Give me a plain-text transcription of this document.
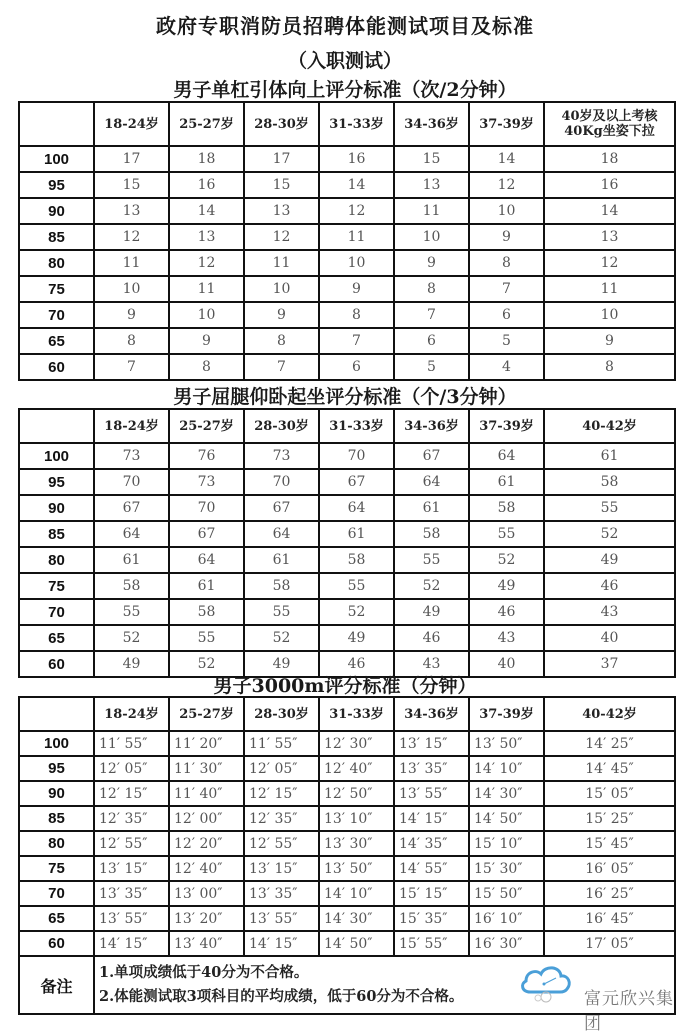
政府专职消防员招聘体能测试项目及标准
（入职测试）
男子单杠引体向上评分标准（次/2分钟）
	18-24岁	25-27岁	28-30岁	31-33岁	34-36岁	37-39岁	40岁及以上考核
40Kg坐姿下拉

100	17	18	17	16	15	14	18
95	15	16	15	14	13	12	16
90	13	14	13	12	11	10	14
85	12	13	12	11	10	9	13
80	11	12	11	10	9	8	12
75	10	11	10	9	8	7	11
70	9	10	9	8	7	6	10
65	8	9	8	7	6	5	9
60	7	8	7	6	5	4	8
男子屈腿仰卧起坐评分标准（个/3分钟）
	18-24岁	25-27岁	28-30岁	31-33岁	34-36岁	37-39岁	40-42岁
100	73	76	73	70	67	64	61
95	70	73	70	67	64	61	58
90	67	70	67	64	61	58	55
85	64	67	64	61	58	55	52
80	61	64	61	58	55	52	49
75	58	61	58	55	52	49	46
70	55	58	55	52	49	46	43
65	52	55	52	49	46	43	40
60	49	52	49	46	43	40	37
男子3000m评分标准（分钟）
	18-24岁	25-27岁	28-30岁	31-33岁	34-36岁	37-39岁	40-42岁
100	11′ 55″	11′ 20″	11′ 55″	12′ 30″	13′ 15″	13′ 50″	14′ 25″
95	12′ 05″	11′ 30″	12′ 05″	12′ 40″	13′ 35″	14′ 10″	14′ 45″
90	12′ 15″	11′ 40″	12′ 15″	12′ 50″	13′ 55″	14′ 30″	15′ 05″
85	12′ 35″	12′ 00″	12′ 35″	13′ 10″	14′ 15″	14′ 50″	15′ 25″
80	12′ 55″	12′ 20″	12′ 55″	13′ 30″	14′ 35″	15′ 10″	15′ 45″
75	13′ 15″	12′ 40″	13′ 15″	13′ 50″	14′ 55″	15′ 30″	16′ 05″
70	13′ 35″	13′ 00″	13′ 35″	14′ 10″	15′ 15″	15′ 50″	16′ 25″
65	13′ 55″	13′ 20″	13′ 55″	14′ 30″	15′ 35″	16′ 10″	16′ 45″
60	14′ 15″	13′ 40″	14′ 15″	14′ 50″	15′ 55″	16′ 30″	17′ 05″
备注	1.单项成绩低于40分为不合格。
2.体能测试取3项科目的平均成绩，低于60分为不合格。							富元欣兴集团
